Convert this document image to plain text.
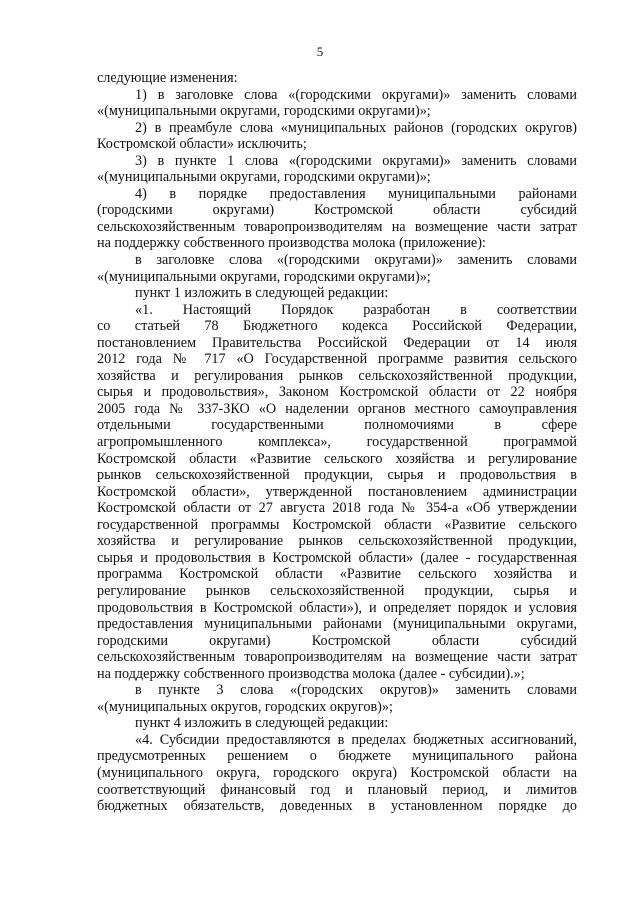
5
следующие изменения:
1) в заголовке слова «(городскими округами)» заменить словами
«(муниципальными округами, городскими округами)»;
2) в преамбуле слова «муниципальных районов (городских округов)
Костромской области» исключить;
3) в пункте 1 слова «(городскими округами)» заменить словами
«(муниципальными округами, городскими округами)»;
4) в порядке предоставления муниципальными районами
(городскими округами) Костромской области субсидий
сельскохозяйственным товаропроизводителям на возмещение части затрат
на поддержку собственного производства молока (приложение):
в заголовке слова «(городскими округами)» заменить словами
«(муниципальными округами, городскими округами)»;
пункт 1 изложить в следующей редакции:
«1. Настоящий Порядок разработан в соответствии
со статьей 78 Бюджетного кодекса Российской Федерации,
постановлением Правительства Российской Федерации от 14 июля
2012 года № 717 «О Государственной программе развития сельского
хозяйства и регулирования рынков сельскохозяйственной продукции,
сырья и продовольствия», Законом Костромской области от 22 ноября
2005 года № 337-ЗКО «О наделении органов местного самоуправления
отдельными государственными полномочиями в сфере
агропромышленного комплекса», государственной программой
Костромской области «Развитие сельского хозяйства и регулирование
рынков сельскохозяйственной продукции, сырья и продовольствия в
Костромской области», утвержденной постановлением администрации
Костромской области от 27 августа 2018 года № 354-а «Об утверждении
государственной программы Костромской области «Развитие сельского
хозяйства и регулирование рынков сельскохозяйственной продукции,
сырья и продовольствия в Костромской области» (далее - государственная
программа Костромской области «Развитие сельского хозяйства и
регулирование рынков сельскохозяйственной продукции, сырья и
продовольствия в Костромской области»), и определяет порядок и условия
предоставления муниципальными районами (муниципальными округами,
городскими округами) Костромской области субсидий
сельскохозяйственным товаропроизводителям на возмещение части затрат
на поддержку собственного производства молока (далее - субсидии).»;
в пункте 3 слова «(городских округов)» заменить словами
«(муниципальных округов, городских округов)»;
пункт 4 изложить в следующей редакции:
«4. Субсидии предоставляются в пределах бюджетных ассигнований,
предусмотренных решением о бюджете муниципального района
(муниципального округа, городского округа) Костромской области на
соответствующий финансовый год и плановый период, и лимитов
бюджетных обязательств, доведенных в установленном порядке до
